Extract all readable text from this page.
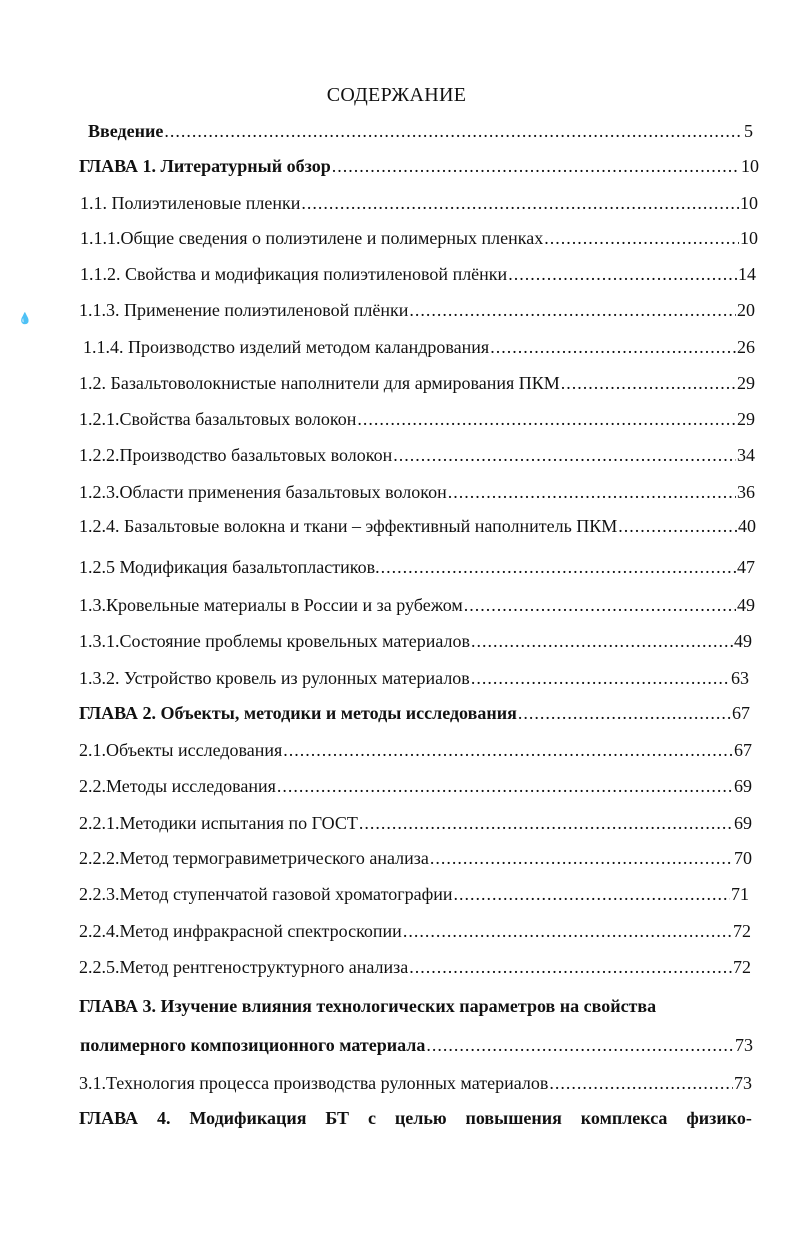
СОДЕРЖАНИЕ
Введение .....	5
ГЛАВА 1. Литературный обзор .....	10
1.1. Полиэтиленовые пленки .....	10
1.1.1.Общие сведения о полиэтилене и полимерных пленках .....	10
1.1.2. Свойства и модификация полиэтиленовой плёнки .....	14
1.1.3. Применение полиэтиленовой плёнки .....	20
1.1.4. Производство изделий методом каландрования .....	26
1.2. Базальтоволокнистые наполнители для армирования ПКМ .....	29
1.2.1.Свойства базальтовых волокон .....	29
1.2.2.Производство базальтовых волокон .....	34
1.2.3.Области применения базальтовых волокон .....	36
1.2.4. Базальтовые волокна и ткани – эффективный наполнитель ПКМ .....	40
1.2.5 Модификация базальтопластиков. .....	47
1.3.Кровельные материалы в России и за рубежом .....	49
1.3.1.Состояние проблемы кровельных материалов .....	49
1.3.2. Устройство кровель из рулонных материалов .....	63
ГЛАВА 2. Объекты, методики и методы исследования .....	67
2.1.Объекты исследования .....	67
2.2.Методы исследования .....	69
2.2.1.Методики испытания по ГОСТ .....	69
2.2.2.Метод термогравиметрического анализа .....	70
2.2.3.Метод ступенчатой газовой хроматографии .....	71
2.2.4.Метод инфракрасной спектроскопии .....	72
2.2.5.Метод рентгеноструктурного анализа .....	72
ГЛАВА 3. Изучение влияния технологических параметров на свойства
полимерного композиционного материала .....	73
3.1.Технология процесса производства рулонных материалов .....	73
ГЛАВА 4. Модификация БТ с целью повышения комплекса физико-
💧
